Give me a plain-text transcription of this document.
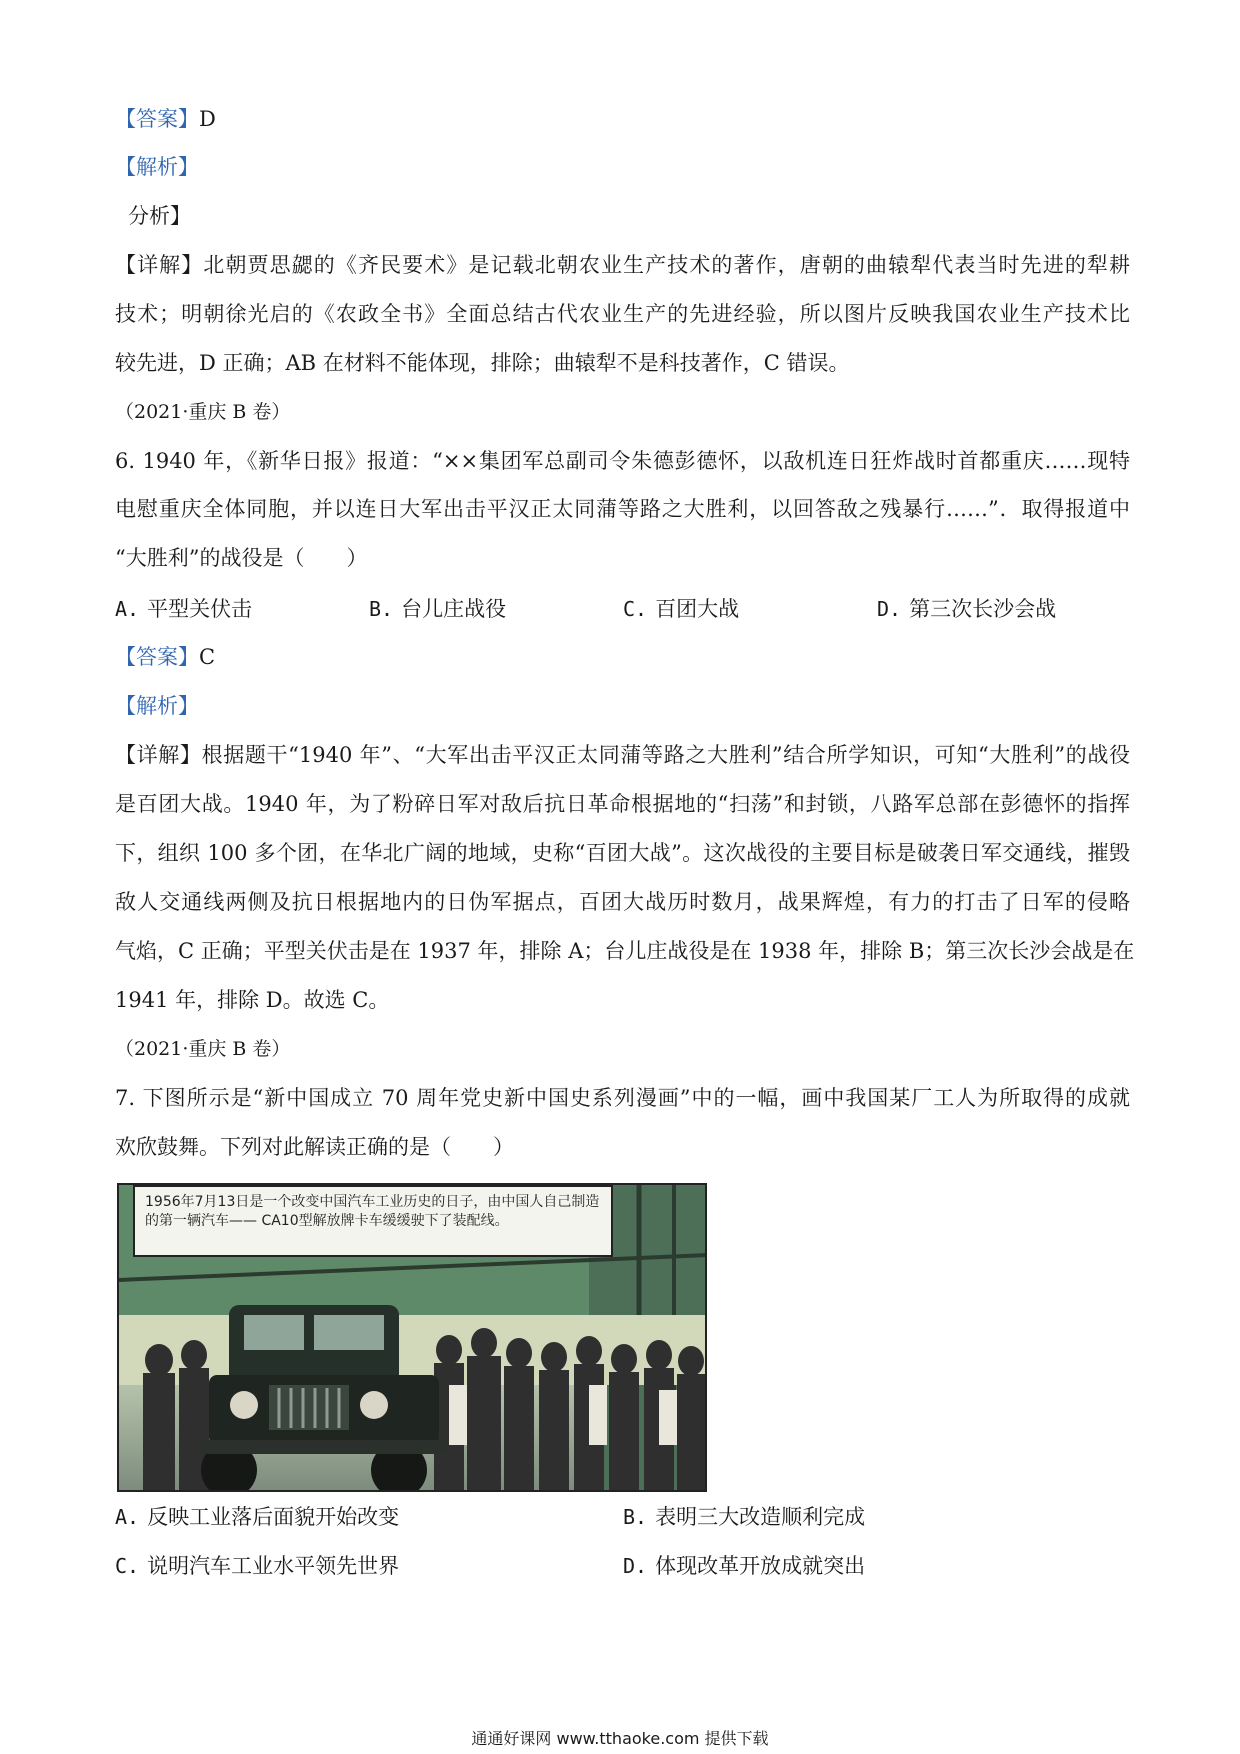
【答案】D
【解析】
分析】
【详解】北朝贾思勰的《齐民要术》是记载北朝农业生产技术的著作，唐朝的曲辕犁代表当时先进的犁耕
技术；明朝徐光启的《农政全书》全面总结古代农业生产的先进经验，所以图片反映我国农业生产技术比
较先进，D 正确；AB 在材料不能体现，排除；曲辕犁不是科技著作，C 错误。
（2021·重庆 B 卷）
6. 1940 年，《新华日报》报道：“××集团军总副司令朱德彭德怀，以敌机连日狂炸战时首都重庆……现特
电慰重庆全体同胞，并以连日大军出击平汉正太同蒲等路之大胜利，以回答敌之残暴行……”．取得报道中
“大胜利”的战役是（　　）
A. 平型关伏击	B. 台儿庄战役	C. 百团大战	D. 第三次长沙会战
【答案】C
【解析】
【详解】根据题干“1940 年”、“大军出击平汉正太同蒲等路之大胜利”结合所学知识，可知“大胜利”的战役
是百团大战。1940 年，为了粉碎日军对敌后抗日革命根据地的“扫荡”和封锁，八路军总部在彭德怀的指挥
下，组织 100 多个团，在华北广阔的地域，史称“百团大战”。这次战役的主要目标是破袭日军交通线，摧毁
敌人交通线两侧及抗日根据地内的日伪军据点，百团大战历时数月，战果辉煌，有力的打击了日军的侵略
气焰，C 正确；平型关伏击是在 1937 年，排除 A；台儿庄战役是在 1938 年，排除 B；第三次长沙会战是在
1941 年，排除 D。故选 C。
（2021·重庆 B 卷）
7. 下图所示是“新中国成立 70 周年党史新中国史系列漫画”中的一幅，画中我国某厂工人为所取得的成就
欢欣鼓舞。下列对此解读正确的是（　　）
1956年7月13日是一个改变中国汽车工业历史的日子，由中国人自己制造的第一辆汽车—— CA10型解放牌卡车缓缓驶下了装配线。
A. 反映工业落后面貌开始改变	B. 表明三大改造顺利完成
C. 说明汽车工业水平领先世界	D. 体现改革开放成就突出
通通好课网 www.tthaoke.com 提供下载
